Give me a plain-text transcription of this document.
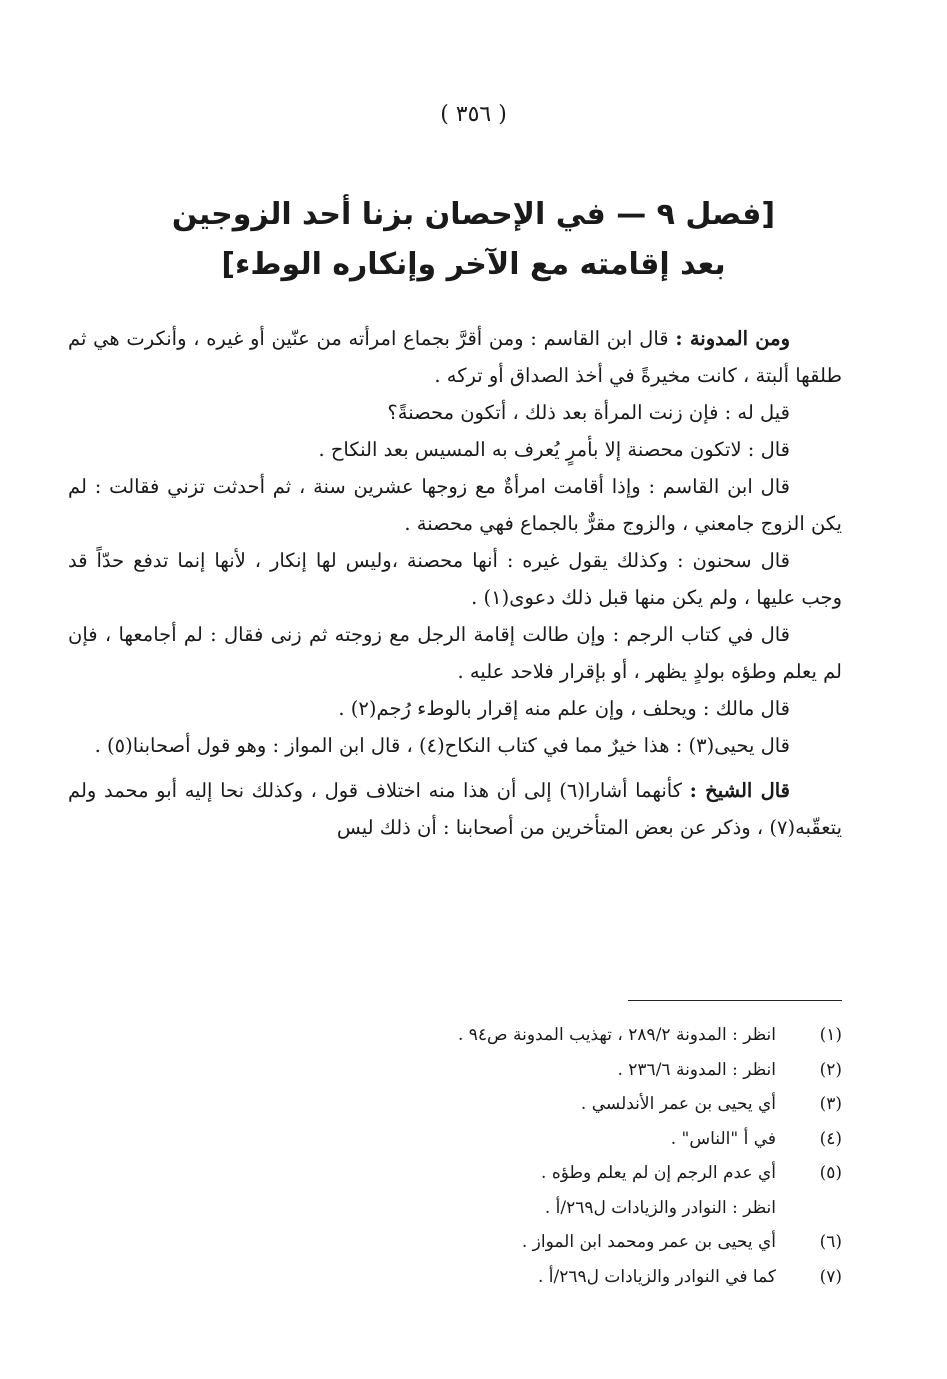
( ٣٥٦ )
[فصل ٩ — في الإحصان بزنا أحد الزوجين
بعد إقامته مع الآخر وإنكاره الوطء]

ومن المدونة : قال ابن القاسم : ومن أقرَّ بجماع امرأته من عنّين أو غيره ، وأنكرت هي ثم طلقها ألبتة ، كانت مخيرةً في أخذ الصداق أو تركه .

قيل له : فإن زنت المرأة بعد ذلك ، أتكون محصنةً؟

قال : لاتكون محصنة إلا بأمرٍ يُعرف به المسيس بعد النكاح .

قال ابن القاسم : وإذا أقامت امرأةٌ مع زوجها عشرين سنة ، ثم أحدثت تزني فقالت : لم يكن الزوج جامعني ، والزوج مقرٌّ بالجماع فهي محصنة .

قال سحنون : وكذلك يقول غيره : أنها محصنة ،وليس لها إنكار ، لأنها إنما تدفع حدّاً قد وجب عليها ، ولم يكن منها قبل ذلك دعوى(١) .

قال في كتاب الرجم : وإن طالت إقامة الرجل مع زوجته ثم زنى فقال : لم أجامعها ، فإن لم يعلم وطؤه بولدٍ يظهر ، أو بإقرار فلاحد عليه .

قال مالك : ويحلف ، وإن علم منه إقرار بالوطء رُجم(٢) .

قال يحيى(٣) : هذا خيرٌ مما في كتاب النكاح(٤) ، قال ابن المواز : وهو قول أصحابنا(٥) .

قال الشيخ : كأنهما أشارا(٦) إلى أن هذا منه اختلاف قول ، وكذلك نحا إليه أبو محمد ولم يتعقّبه(٧) ، وذكر عن بعض المتأخرين من أصحابنا : أن ذلك ليس

(١)
انظر : المدونة ٢٨٩/٢ ، تهذيب المدونة ص٩٤ .
(٢)
انظر : المدونة ٢٣٦/٦ .
(٣)
أي يحيى بن عمر الأندلسي .
(٤)
في أ "الناس" .
(٥)
أي عدم الرجم إن لم يعلم وطؤه .
انظر : النوادر والزيادات ل٢٦٩/أ .
(٦)
أي يحيى بن عمر ومحمد ابن المواز .
(٧)
كما في النوادر والزيادات ل٢٦٩/أ .
